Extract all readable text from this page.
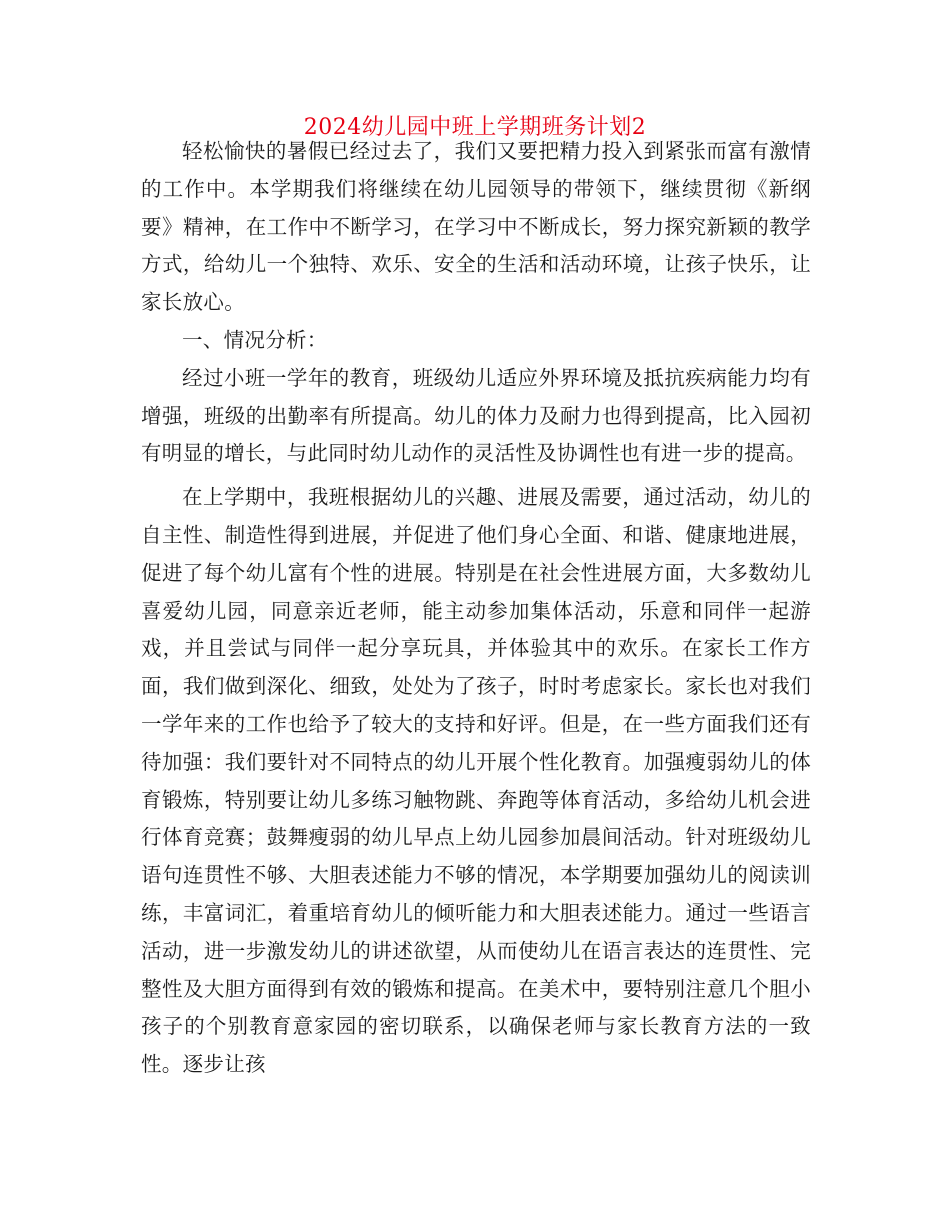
2024幼儿园中班上学期班务计划2

轻松愉快的暑假已经过去了，我们又要把精力投入到紧张而富有激情的工作中。本学期我们将继续在幼儿园领导的带领下，继续贯彻《新纲要》精神，在工作中不断学习，在学习中不断成长，努力探究新颖的教学方式，给幼儿一个独特、欢乐、安全的生活和活动环境，让孩子快乐，让家长放心。

一、情况分析：

经过小班一学年的教育，班级幼儿适应外界环境及抵抗疾病能力均有增强，班级的出勤率有所提高。幼儿的体力及耐力也得到提高，比入园初有明显的增长，与此同时幼儿动作的灵活性及协调性也有进一步的提高。

在上学期中，我班根据幼儿的兴趣、进展及需要，通过活动，幼儿的自主性、制造性得到进展，并促进了他们身心全面、和谐、健康地进展，促进了每个幼儿富有个性的进展。特别是在社会性进展方面，大多数幼儿喜爱幼儿园，同意亲近老师，能主动参加集体活动，乐意和同伴一起游戏，并且尝试与同伴一起分享玩具，并体验其中的欢乐。在家长工作方面，我们做到深化、细致，处处为了孩子，时时考虑家长。家长也对我们一学年来的工作也给予了较大的支持和好评。但是，在一些方面我们还有待加强：我们要针对不同特点的幼儿开展个性化教育。加强瘦弱幼儿的体育锻炼，特别要让幼儿多练习触物跳、奔跑等体育活动，多给幼儿机会进行体育竞赛；鼓舞瘦弱的幼儿早点上幼儿园参加晨间活动。针对班级幼儿语句连贯性不够、大胆表述能力不够的情况，本学期要加强幼儿的阅读训练，丰富词汇，着重培育幼儿的倾听能力和大胆表述能力。通过一些语言活动，进一步激发幼儿的讲述欲望，从而使幼儿在语言表达的连贯性、完整性及大胆方面得到有效的锻炼和提高。在美术中，要特别注意几个胆小孩子的个别教育意家园的密切联系，以确保老师与家长教育方法的一致性。逐步让孩
